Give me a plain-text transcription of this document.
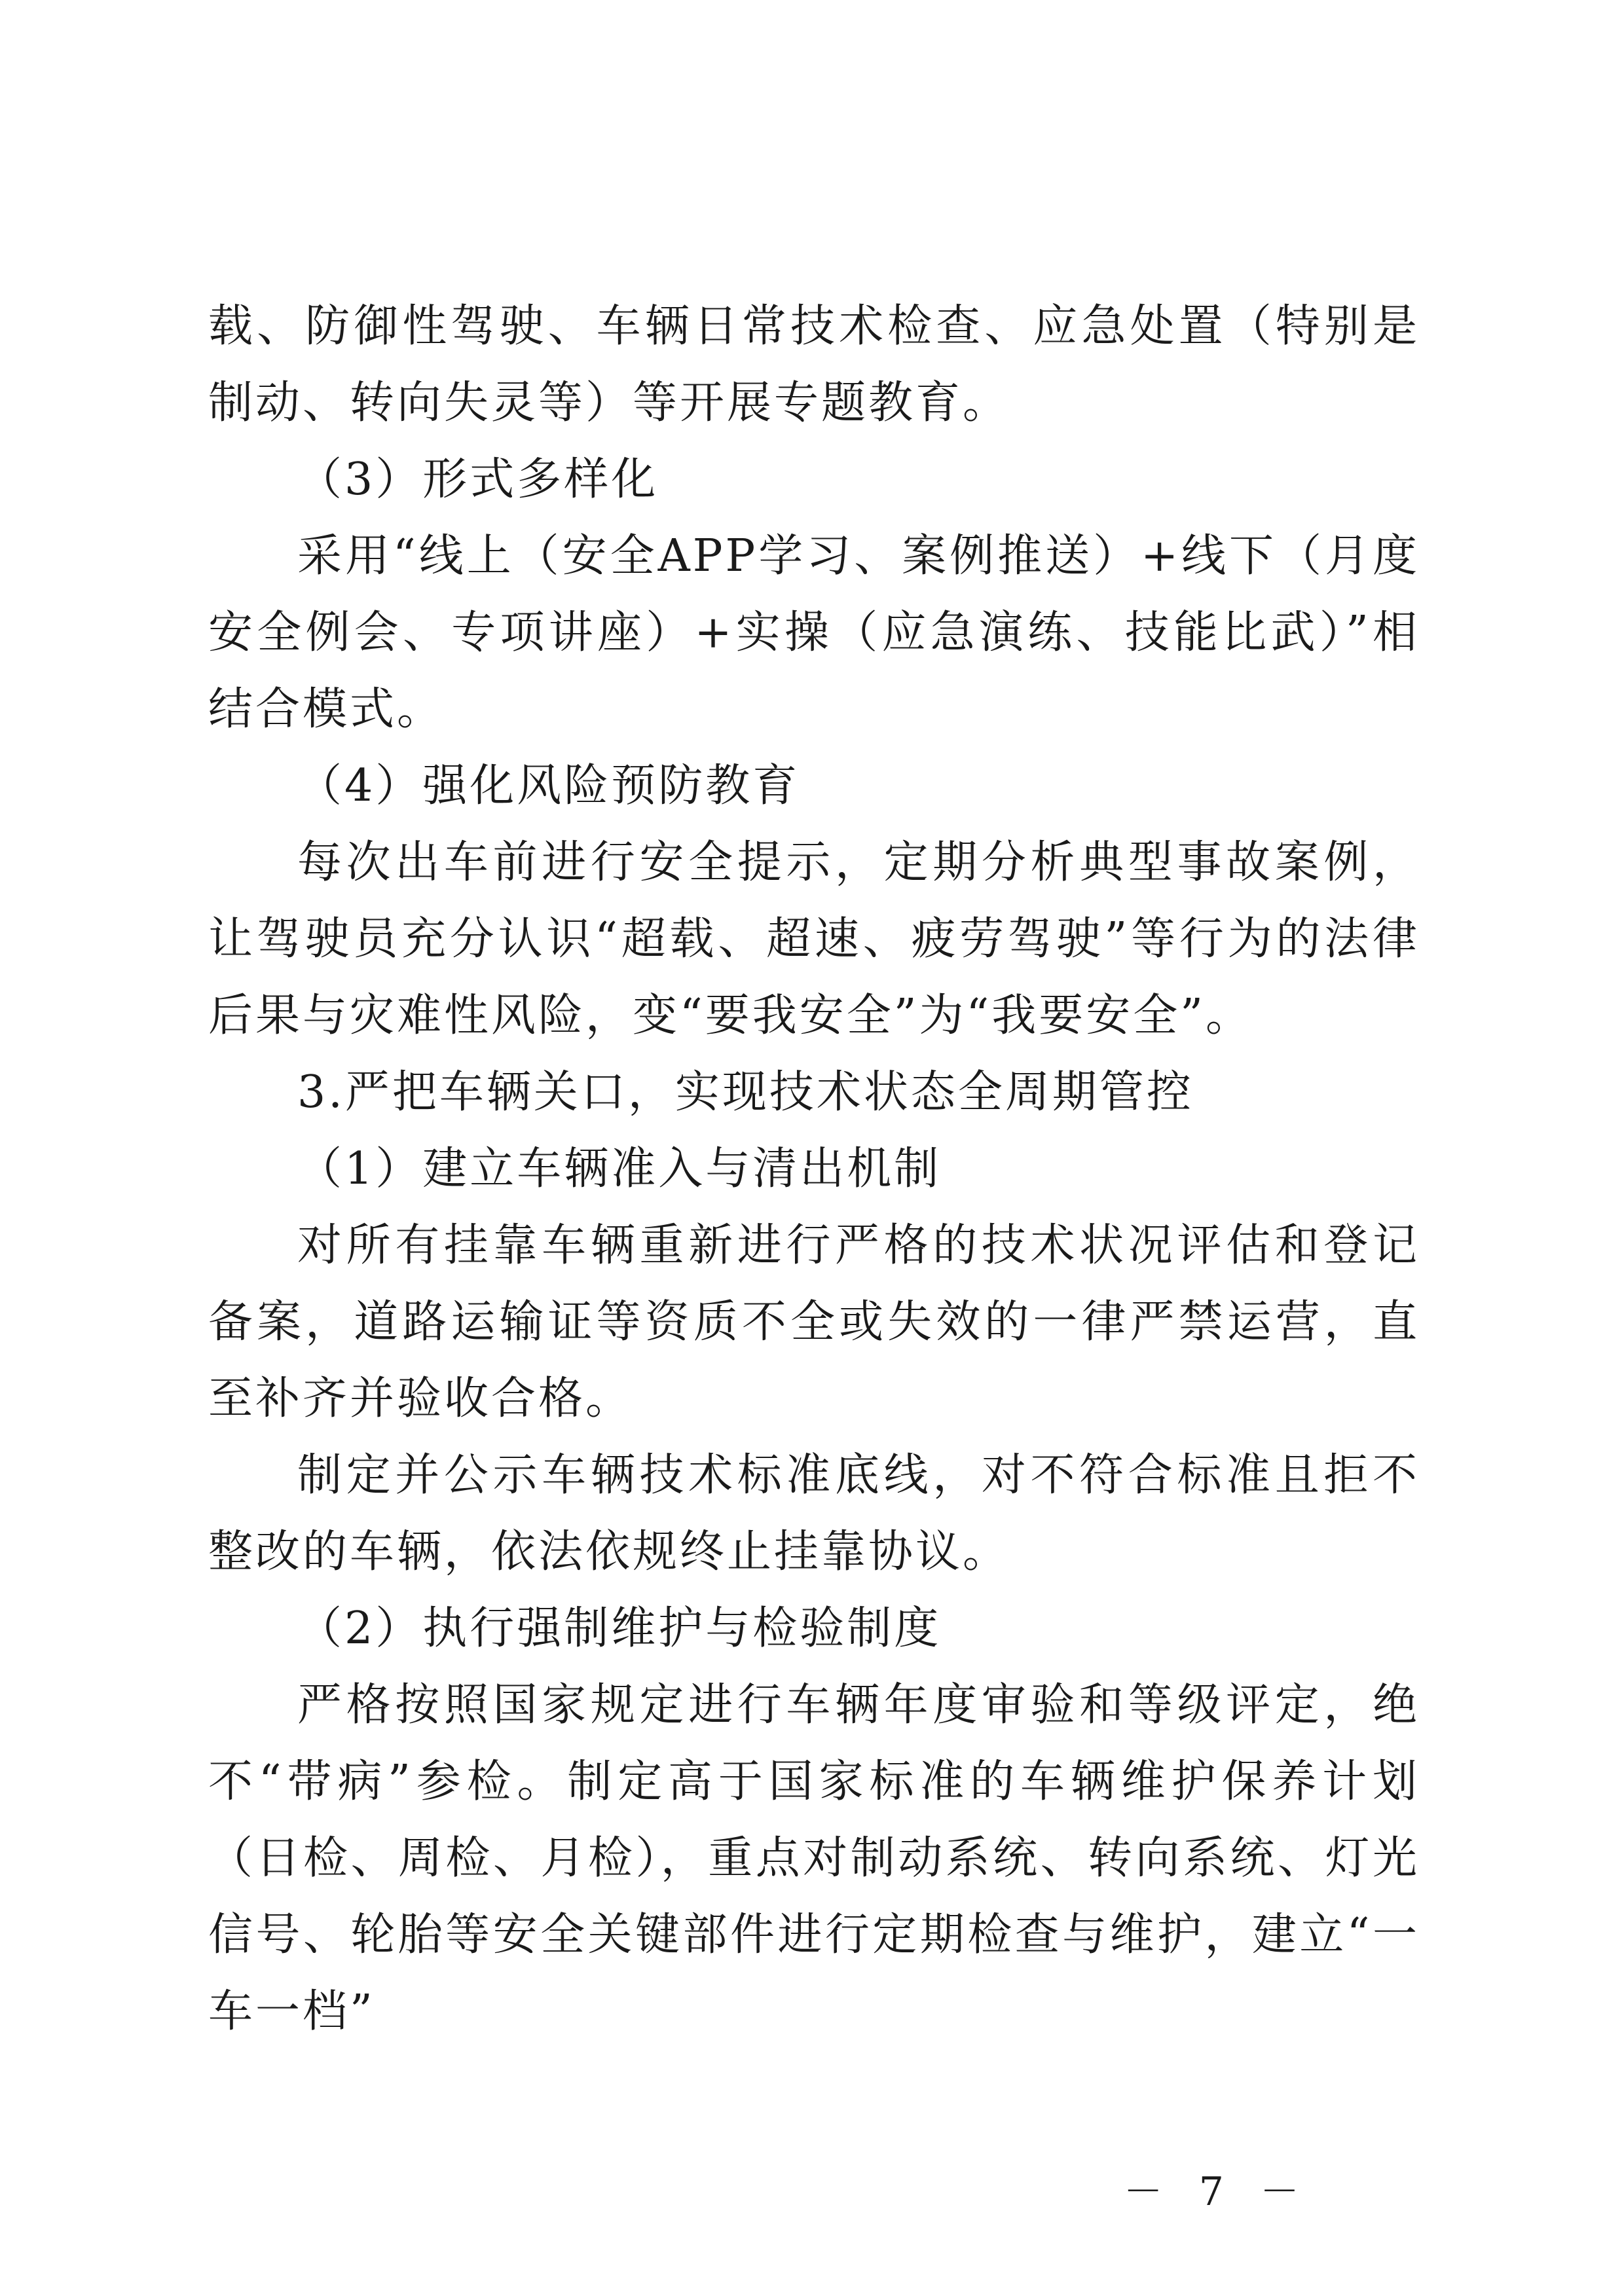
载、防御性驾驶、车辆日常技术检查、应急处置（特别是制动、转向失灵等）等开展专题教育。

（3）形式多样化

采用“线上（安全APP学习、案例推送）+线下（月度安全例会、专项讲座）+实操（应急演练、技能比武）”相结合模式。

（4）强化风险预防教育

每次出车前进行安全提示，定期分析典型事故案例，让驾驶员充分认识“超载、超速、疲劳驾驶”等行为的法律后果与灾难性风险，变“要我安全”为“我要安全”。

3.严把车辆关口，实现技术状态全周期管控

（1）建立车辆准入与清出机制

对所有挂靠车辆重新进行严格的技术状况评估和登记备案，道路运输证等资质不全或失效的一律严禁运营，直至补齐并验收合格。

制定并公示车辆技术标准底线，对不符合标准且拒不整改的车辆，依法依规终止挂靠协议。

（2）执行强制维护与检验制度

严格按照国家规定进行车辆年度审验和等级评定，绝不“带病”参检。制定高于国家标准的车辆维护保养计划（日检、周检、月检），重点对制动系统、转向系统、灯光信号、轮胎等安全关键部件进行定期检查与维护，建立“一车一档”

－ 7 －
